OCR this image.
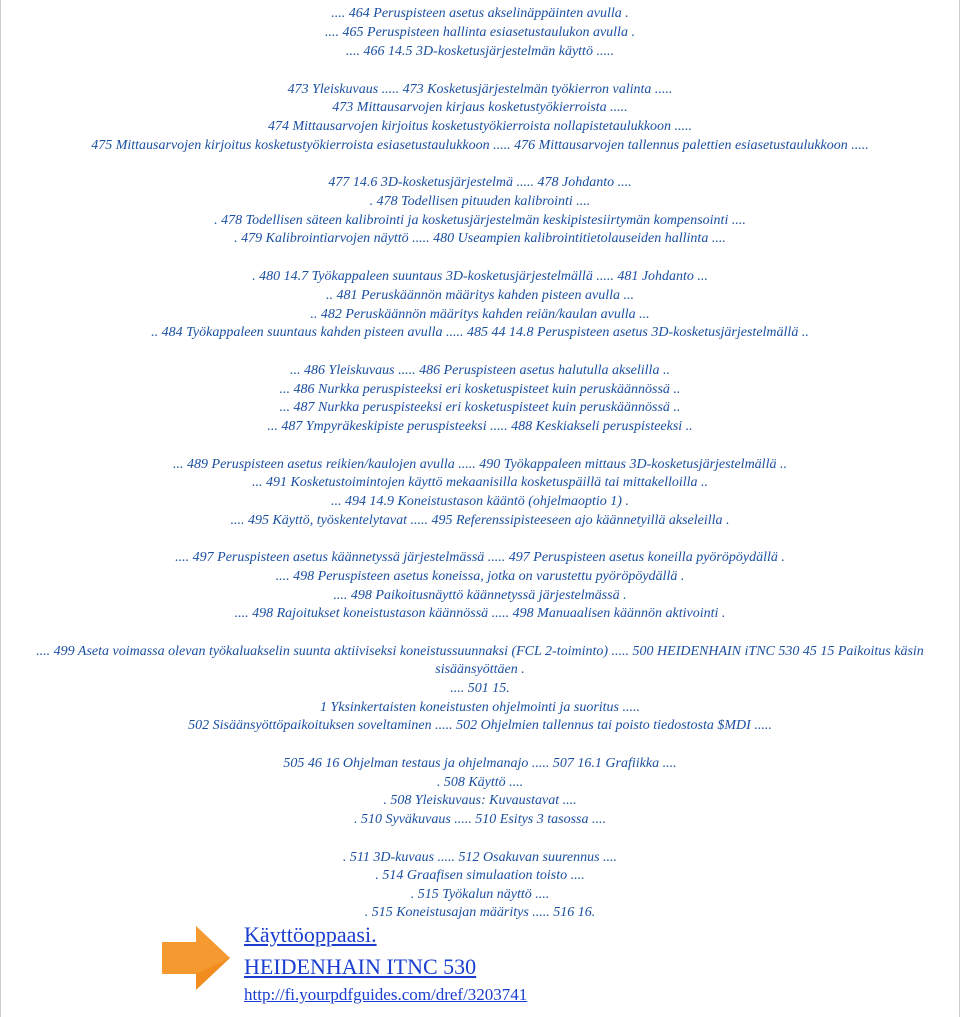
.... 464 Peruspisteen asetus akselinäppäinten avulla .
.... 465 Peruspisteen hallinta esiasetustaulukon avulla .
.... 466 14.5 3D-kosketusjärjestelmän käyttö .....
473 Yleiskuvaus ..... 473 Kosketusjärjestelmän työkierron valinta .....
473 Mittausarvojen kirjaus kosketustyökierroista .....
474 Mittausarvojen kirjoitus kosketustyökierroista nollapistetaulukkoon .....
475 Mittausarvojen kirjoitus kosketustyökierroista esiasetustaulukkoon ..... 476 Mittausarvojen tallennus palettien esiasetustaulukkoon .....
477 14.6 3D-kosketusjärjestelmä ..... 478 Johdanto ....
. 478 Todellisen pituuden kalibrointi ....
. 478 Todellisen säteen kalibrointi ja kosketusjärjestelmän keskipistesiirtymän kompensointi ....
. 479 Kalibrointiarvojen näyttö ..... 480 Useampien kalibrointitietolauseiden hallinta ....
. 480 14.7 Työkappaleen suuntaus 3D-kosketusjärjestelmällä ..... 481 Johdanto ...
.. 481 Peruskäännön määritys kahden pisteen avulla ...
.. 482 Peruskäännön määritys kahden reiän/kaulan avulla ...
.. 484 Työkappaleen suuntaus kahden pisteen avulla ..... 485 44 14.8 Peruspisteen asetus 3D-kosketusjärjestelmällä ..
... 486 Yleiskuvaus ..... 486 Peruspisteen asetus halutulla akselilla ..
... 486 Nurkka peruspisteeksi eri kosketuspisteet kuin peruskäännössä ..
... 487 Nurkka peruspisteeksi eri kosketuspisteet kuin peruskäännössä ..
... 487 Ympyräkeskipiste peruspisteeksi ..... 488 Keskiakseli peruspisteeksi ..
... 489 Peruspisteen asetus reikien/kaulojen avulla ..... 490 Työkappaleen mittaus 3D-kosketusjärjestelmällä ..
... 491 Kosketustoimintojen käyttö mekaanisilla kosketuspäillä tai mittakelloilla ..
... 494 14.9 Koneistustason kääntö (ohjelmaoptio 1) .
.... 495 Käyttö, työskentelytavat ..... 495 Referenssipisteeseen ajo käännetyillä akseleilla .
.... 497 Peruspisteen asetus käännetyssä järjestelmässä ..... 497 Peruspisteen asetus koneilla pyöröpöydällä .
.... 498 Peruspisteen asetus koneissa, jotka on varustettu pyöröpöydällä .
.... 498 Paikoitusnäyttö käännetyssä järjestelmässä .
.... 498 Rajoitukset koneistustason käännössä ..... 498 Manuaalisen käännön aktivointi .
.... 499 Aseta voimassa olevan työkaluakselin suunta aktiiviseksi koneistussuunnaksi (FCL 2-toiminto) ..... 500 HEIDENHAIN iTNC 530 45 15 Paikoitus käsin
sisäänsyöttäen .
.... 501 15.
1 Yksinkertaisten koneistusten ohjelmointi ja suoritus .....
502 Sisäänsyöttöpaikoituksen soveltaminen ..... 502 Ohjelmien tallennus tai poisto tiedostosta $MDI .....
505 46 16 Ohjelman testaus ja ohjelmanajo ..... 507 16.1 Grafiikka ....
. 508 Käyttö ....
. 508 Yleiskuvaus: Kuvaustavat ....
. 510 Syväkuvaus ..... 510 Esitys 3 tasossa ....
. 511 3D-kuvaus ..... 512 Osakuvan suurennus ....
. 514 Graafisen simulaation toisto ....
. 515 Työkalun näyttö ....
. 515 Koneistusajan määritys ..... 516 16.
Käyttöoppaasi.
HEIDENHAIN ITNC 530
http://fi.yourpdfguides.com/dref/3203741
